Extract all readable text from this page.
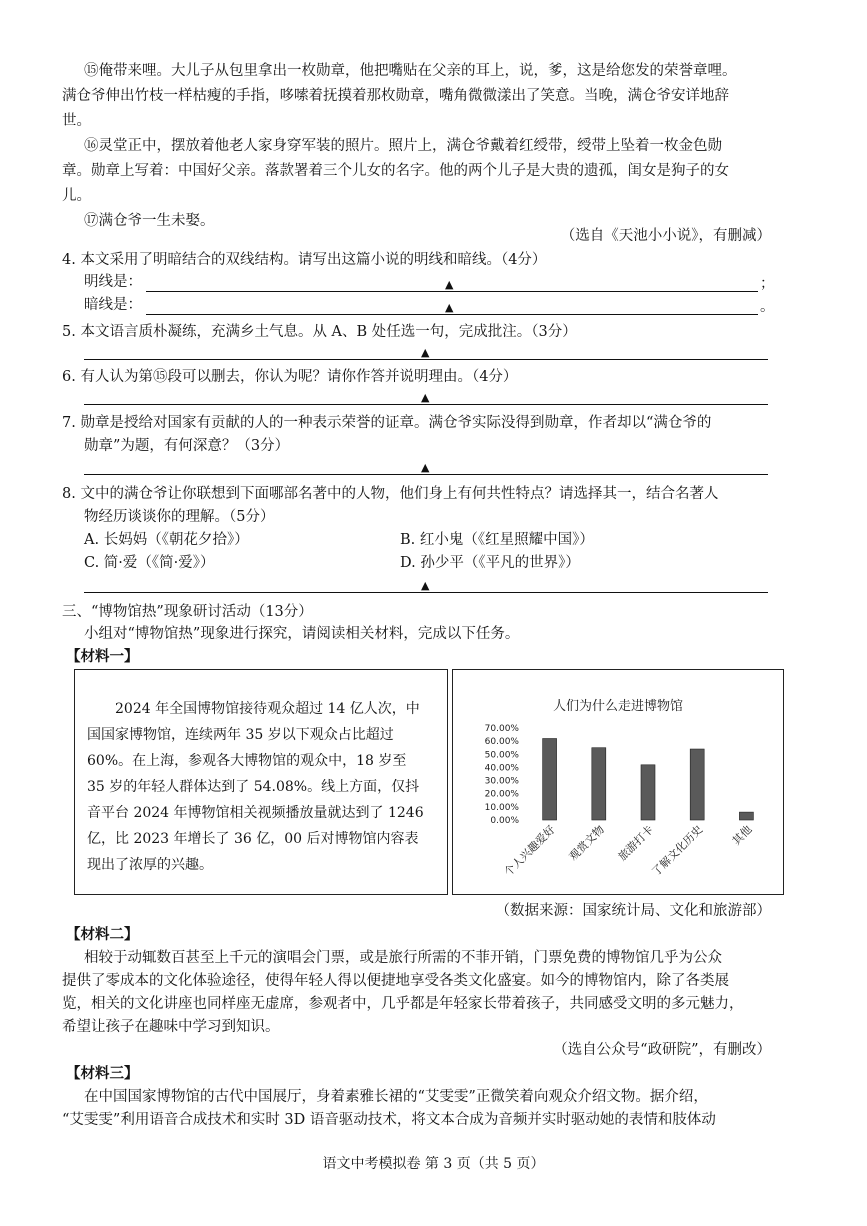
⑮俺带来哩。大儿子从包里拿出一枚勋章，他把嘴贴在父亲的耳上，说，爹，这是给您发的荣誉章哩。
满仓爷伸出竹枝一样枯瘦的手指，哆嗦着抚摸着那枚勋章，嘴角微微漾出了笑意。当晚，满仓爷安详地辞
世。
⑯灵堂正中，摆放着他老人家身穿军装的照片。照片上，满仓爷戴着红绶带，绶带上坠着一枚金色勋
章。勋章上写着：中国好父亲。落款署着三个儿女的名字。他的两个儿子是大贵的遗孤，闺女是狗子的女
儿。
⑰满仓爷一生未娶。
（选自《天池小小说》，有删减）
4. 本文采用了明暗结合的双线结构。请写出这篇小说的明线和暗线。（4分）
明线是：	▲	；
暗线是：	▲	。
5. 本文语言质朴凝练，充满乡土气息。从 A、B 处任选一句，完成批注。（3分）
▲
6. 有人认为第⑮段可以删去，你认为呢？请你作答并说明理由。（4分）
▲
7. 勋章是授给对国家有贡献的人的一种表示荣誉的证章。满仓爷实际没得到勋章，作者却以“满仓爷的
勋章”为题，有何深意？（3分）
▲
8. 文中的满仓爷让你联想到下面哪部名著中的人物，他们身上有何共性特点？请选择其一，结合名著人
物经历谈谈你的理解。（5分）
A. 长妈妈（《朝花夕拾》）	B. 红小鬼（《红星照耀中国》）
C. 简·爱（《简·爱》）	D. 孙少平（《平凡的世界》）
▲
三、“博物馆热”现象研讨活动（13分）
小组对“博物馆热”现象进行探究，请阅读相关材料，完成以下任务。
【材料一】
2024 年全国博物馆接待观众超过 14 亿人次，中
国国家博物馆，连续两年 35 岁以下观众占比超过
60%。在上海，参观各大博物馆的观众中，18 岁至
35 岁的年轻人群体达到了 54.08%。线上方面，仅抖
音平台 2024 年博物馆相关视频播放量就达到了 1246
亿，比 2023 年增长了 36 亿，00 后对博物馆内容表
现出了浓厚的兴趣。
人们为什么走进博物馆
0.00%
10.00%
20.00%
30.00%
40.00%
50.00%
60.00%
70.00%
个人兴趣爱好 观赏文物 旅游打卡
了解文化历史 其他
（数据来源：国家统计局、文化和旅游部）
【材料二】
相较于动辄数百甚至上千元的演唱会门票，或是旅行所需的不菲开销，门票免费的博物馆几乎为公众
提供了零成本的文化体验途径，使得年轻人得以便捷地享受各类文化盛宴。如今的博物馆内，除了各类展
览，相关的文化讲座也同样座无虚席，参观者中，几乎都是年轻家长带着孩子，共同感受文明的多元魅力，
希望让孩子在趣味中学习到知识。
（选自公众号“政研院”，有删改）
【材料三】
在中国国家博物馆的古代中国展厅，身着素雅长裙的“艾雯雯”正微笑着向观众介绍文物。据介绍，
“艾雯雯”利用语音合成技术和实时 3D 语音驱动技术，将文本合成为音频并实时驱动她的表情和肢体动
语文中考模拟卷 第 3 页（共 5 页）
